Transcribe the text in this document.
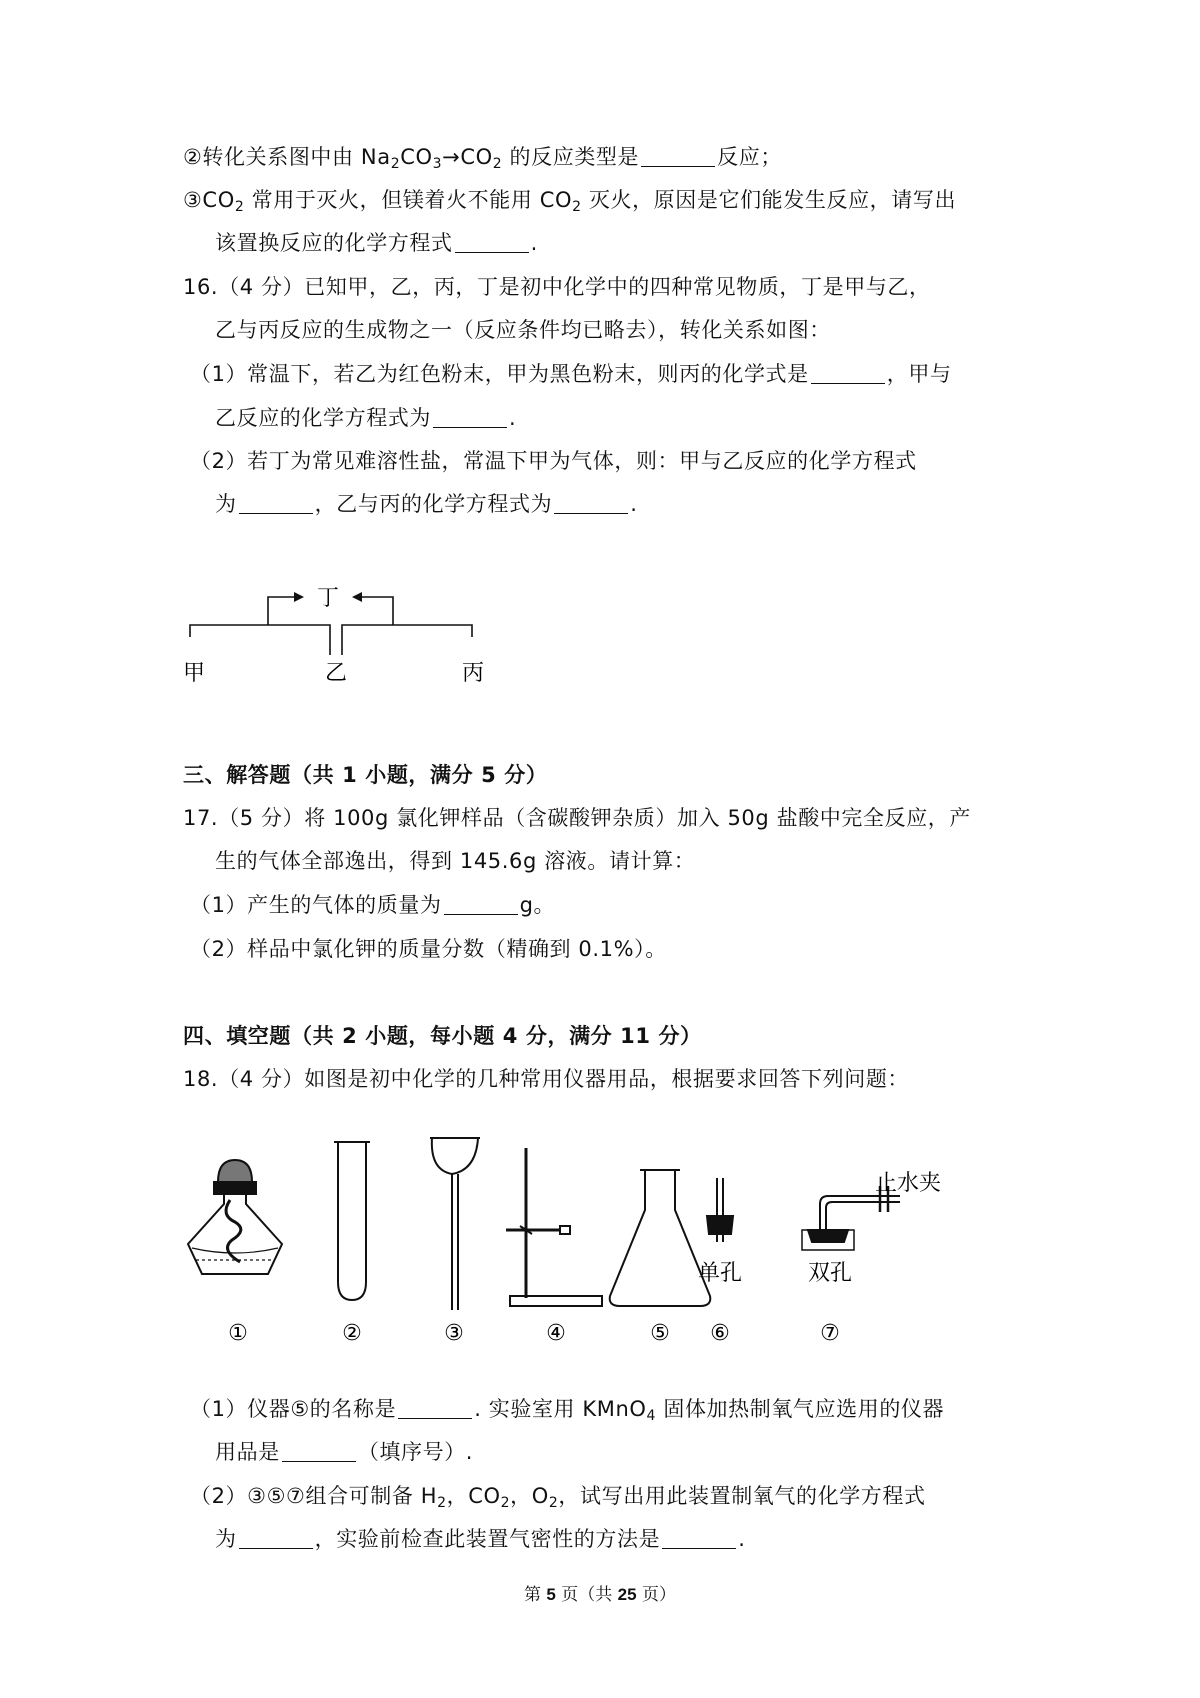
②转化关系图中由 $Na_2CO_3\to CO_2$ 的反应类型是	反应；
$③CO_2$ 常用于灭火，但镁着火不能用 $CO_2$ 灭火，原因是它们能发生反应，请写出
该置换反应的化学方程式	.
16.（4 分）已知甲，乙，丙，丁是初中化学中的四种常见物质，丁是甲与乙，
乙与丙反应的生成物之一（反应条件均已略去），转化关系如图：
（1）常温下，若乙为红色粉末，甲为黑色粉末，则丙的化学式是	，甲与
乙反应的化学方程式为	.
（2）若丁为常见难溶性盐，常温下甲为气体，则：甲与乙反应的化学方程式
为	，乙与丙的化学方程式为	.
丁
甲	乙	丙
三、解答题（共 1 小题，满分 5 分）
17.（5 分）将 100g 氯化钾样品（含碳酸钾杂质）加入 50g 盐酸中完全反应，产
生的气体全部逸出，得到 145.6g 溶液。请计算：
（1）产生的气体的质量为	g。
（2）样品中氯化钾的质量分数（精确到 0.1%）。
四、填空题（共 2 小题，每小题 4 分，满分 11 分）
18.（4 分）如图是初中化学的几种常用仪器用品，根据要求回答下列问题：
止水夹
单孔	双孔
①	②	③	④	⑤ ⑥	⑦
（1）仪器⑤的名称是	. 实验室用 KMnO$_4$ 固体加热制氧气应选用的仪器
用品是	（填序号）.
（2）③⑤⑦组合可制备 $H_2$，$CO_2$，$O_2$，试写出用此装置制氧气的化学方程式
为	，实验前检查此装置气密性的方法是	.
第 5 页（共 25 页）
